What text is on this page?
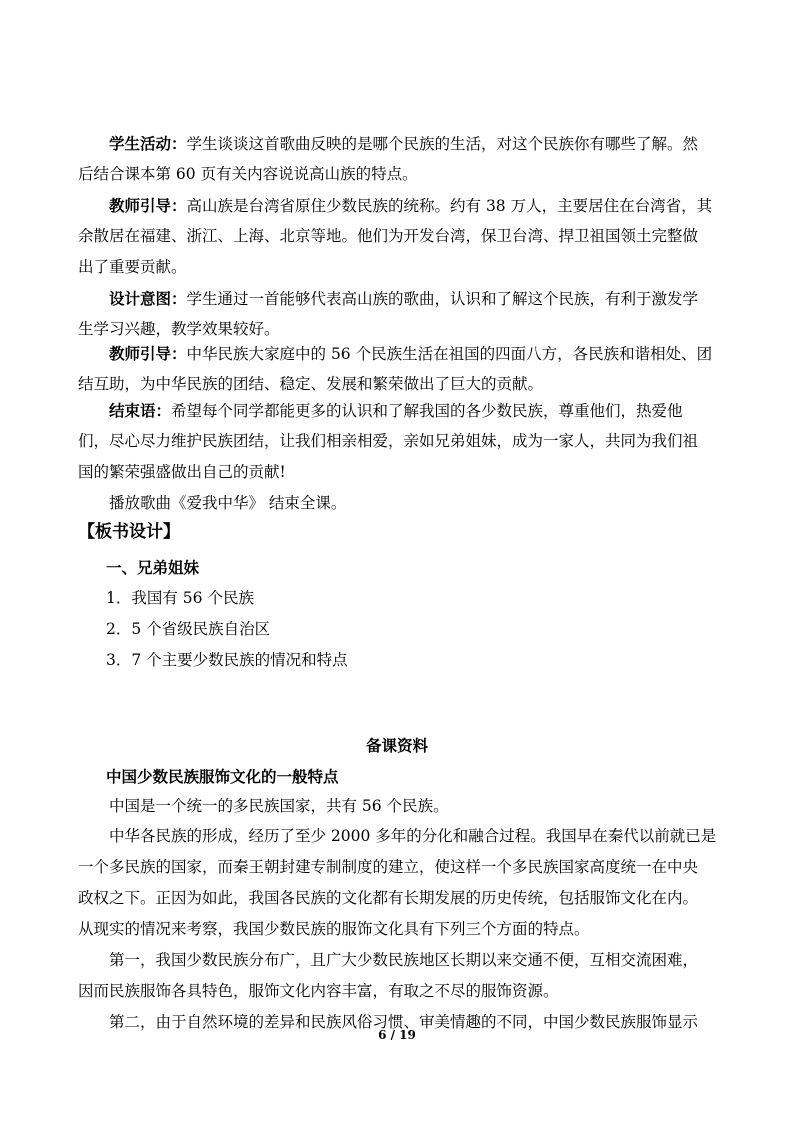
学生活动：学生谈谈这首歌曲反映的是哪个民族的生活，对这个民族你有哪些了解。然
后结合课本第 60 页有关内容说说高山族的特点。
教师引导：高山族是台湾省原住少数民族的统称。约有 38 万人，主要居住在台湾省，其
余散居在福建、浙江、上海、北京等地。他们为开发台湾，保卫台湾、捍卫祖国领土完整做
出了重要贡献。
设计意图：学生通过一首能够代表高山族的歌曲，认识和了解这个民族，有利于激发学
生学习兴趣，教学效果较好。
教师引导：中华民族大家庭中的 56 个民族生活在祖国的四面八方，各民族和谐相处、团
结互助，为中华民族的团结、稳定、发展和繁荣做出了巨大的贡献。
结束语：希望每个同学都能更多的认识和了解我国的各少数民族，尊重他们，热爱他
们，尽心尽力维护民族团结，让我们相亲相爱，亲如兄弟姐妹，成为一家人，共同为我们祖
国的繁荣强盛做出自己的贡献!
播放歌曲《爱我中华》 结束全课。
【板书设计】
一、兄弟姐妹
1．我国有 56 个民族
2．5 个省级民族自治区
3．7 个主要少数民族的情况和特点
备课资料
中国少数民族服饰文化的一般特点
中国是一个统一的多民族国家，共有 56 个民族。
中华各民族的形成，经历了至少 2000 多年的分化和融合过程。我国早在秦代以前就已是
一个多民族的国家，而秦王朝封建专制制度的建立，使这样一个多民族国家高度统一在中央
政权之下。正因为如此，我国各民族的文化都有长期发展的历史传统，包括服饰文化在内。
从现实的情况来考察，我国少数民族的服饰文化具有下列三个方面的特点。
第一，我国少数民族分布广，且广大少数民族地区长期以来交通不便，互相交流困难，
因而民族服饰各具特色，服饰文化内容丰富，有取之不尽的服饰资源。
第二，由于自然环境的差异和民族风俗习惯、审美情趣的不同，中国少数民族服饰显示
6 / 19
